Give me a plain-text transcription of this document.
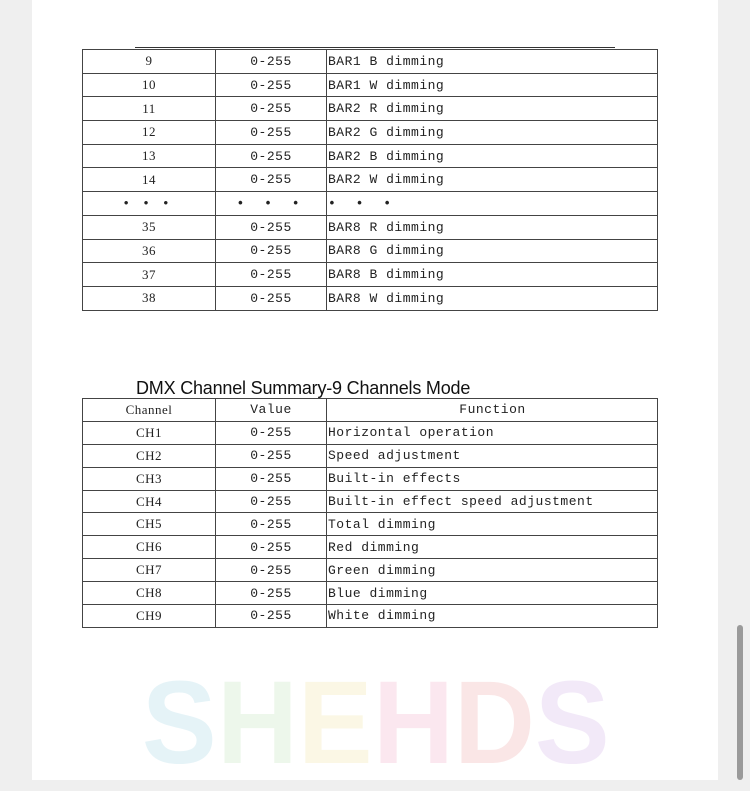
9	0-255	BAR1 B dimming
10	0-255	BAR1 W dimming
11	0-255	BAR2 R dimming
12	0-255	BAR2 G dimming
13	0-255	BAR2 B dimming
14	0-255	BAR2 W dimming
• • •	• • •	• • •
35	0-255	BAR8 R dimming
36	0-255	BAR8 G dimming
37	0-255	BAR8 B dimming
38	0-255	BAR8 W dimming
DMX Channel Summary-9 Channels Mode
Channel	Value	Function
CH1	0-255	Horizontal operation
CH2	0-255	Speed adjustment
CH3	0-255	Built-in effects
CH4	0-255	Built-in effect speed adjustment
CH5	0-255	Total dimming
CH6	0-255	Red dimming
CH7	0-255	Green dimming
CH8	0-255	Blue dimming
CH9	0-255	White dimming
SHEHDS
